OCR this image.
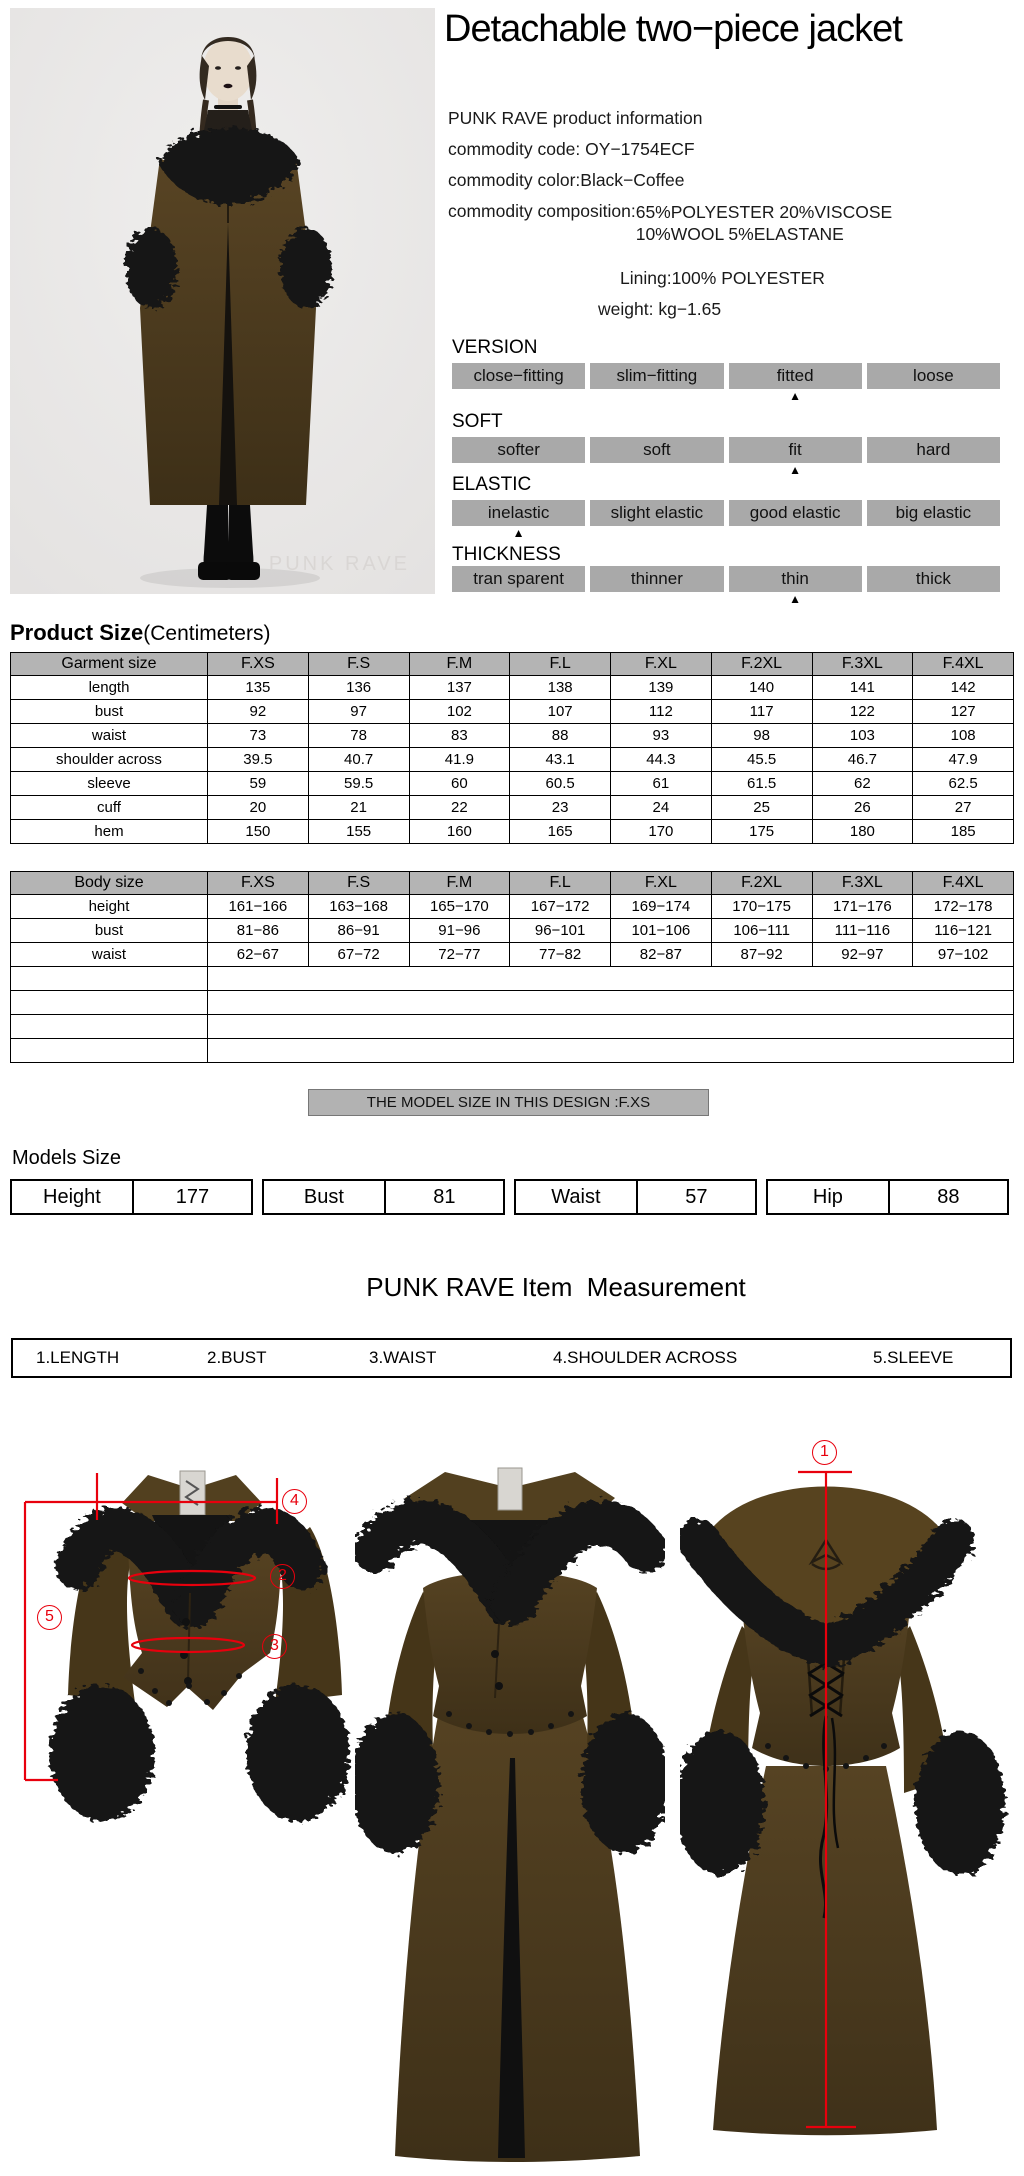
PUNK RAVE
Detachable two−piece jacket
PUNK RAVE product information
commodity code: OY−1754ECF
commodity color:Black−Coffee
commodity composition: 65%POLYESTER 20%VISCOSE
10%WOOL 5%ELASTANE
Lining:100% POLYESTER
weight: kg−1.65
VERSION
close−fitting	slim−fitting	fitted	loose
▲
SOFT
softer	soft	fit	hard
▲
ELASTIC
inelastic	slight elastic	good elastic	big elastic
▲
THICKNESS
tran sparent	thinner	thin	thick
▲
Product Size(Centimeters)
Garment size	F.XS	F.S	F.M	F.L	F.XL	F.2XL	F.3XL	F.4XL
length	135	136	137	138	139	140	141	142
bust	92	97	102	107	112	117	122	127
waist	73	78	83	88	93	98	103	108
shoulder across	39.5	40.7	41.9	43.1	44.3	45.5	46.7	47.9
sleeve	59	59.5	60	60.5	61	61.5	62	62.5
cuff	20	21	22	23	24	25	26	27
hem	150	155	160	165	170	175	180	185
Body size	F.XS	F.S	F.M	F.L	F.XL	F.2XL	F.3XL	F.4XL
height	161−166	163−168	165−170	167−172	169−174	170−175	171−176	172−178
bust	81−86	86−91	91−96	96−101	101−106	106−111	111−116	116−121
waist	62−67	67−72	72−77	77−82	82−87	87−92	92−97	97−102

THE MODEL SIZE IN THIS DESIGN :F.XS
Models Size
Height	177	Bust	81	Waist	57	Hip	88
PUNK RAVE Item  Measurement
1.LENGTH	2.BUST	3.WAIST	4.SHOULDER ACROSS	5.SLEEVE
1
2
3
4
5
